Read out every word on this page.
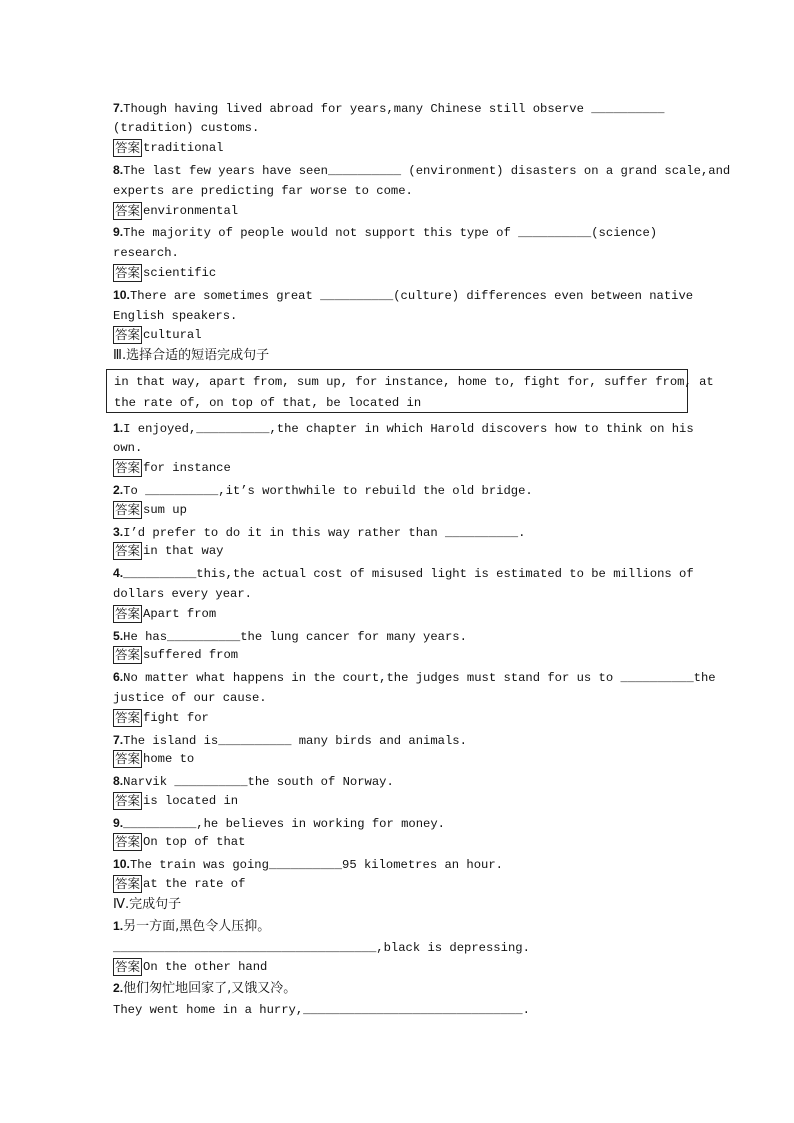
7.Though having lived abroad for years,many Chinese still observe __________
(tradition) customs.
答案 traditional
8.The last few years have seen__________ (environment) disasters on a grand scale,and
experts are predicting far worse to come.
答案 environmental
9.The majority of people would not support this type of __________(science)
research.
答案 scientific
10.There are sometimes great __________(culture) differences even between native
English speakers.
答案 cultural
Ⅲ.选择合适的短语完成句子
in that way, apart from, sum up, for instance, home to, fight for, suffer from, at
the rate of, on top of that, be located in
1.I enjoyed,__________,the chapter in which Harold discovers how to think on his
own.
答案 for instance
2.To __________,it’s worthwhile to rebuild the old bridge.
答案 sum up
3.I’d prefer to do it in this way rather than __________.
答案 in that way
4.__________this,the actual cost of misused light is estimated to be millions of
dollars every year.
答案 Apart from
5.He has__________the lung cancer for many years.
答案 suffered from
6.No matter what happens in the court,the judges must stand for us to __________the
justice of our cause.
答案 fight for
7.The island is__________ many birds and animals.
答案 home to
8.Narvik __________the south of Norway.
答案 is located in
9.__________,he believes in working for money.
答案 On top of that
10.The train was going__________95 kilometres an hour.
答案 at the rate of
Ⅳ.完成句子
1.另一方面,黑色令人压抑。
____________________________________,black is depressing.
答案 On the other hand
2.他们匆忙地回家了,又饿又冷。
They went home in a hurry,______________________________.
